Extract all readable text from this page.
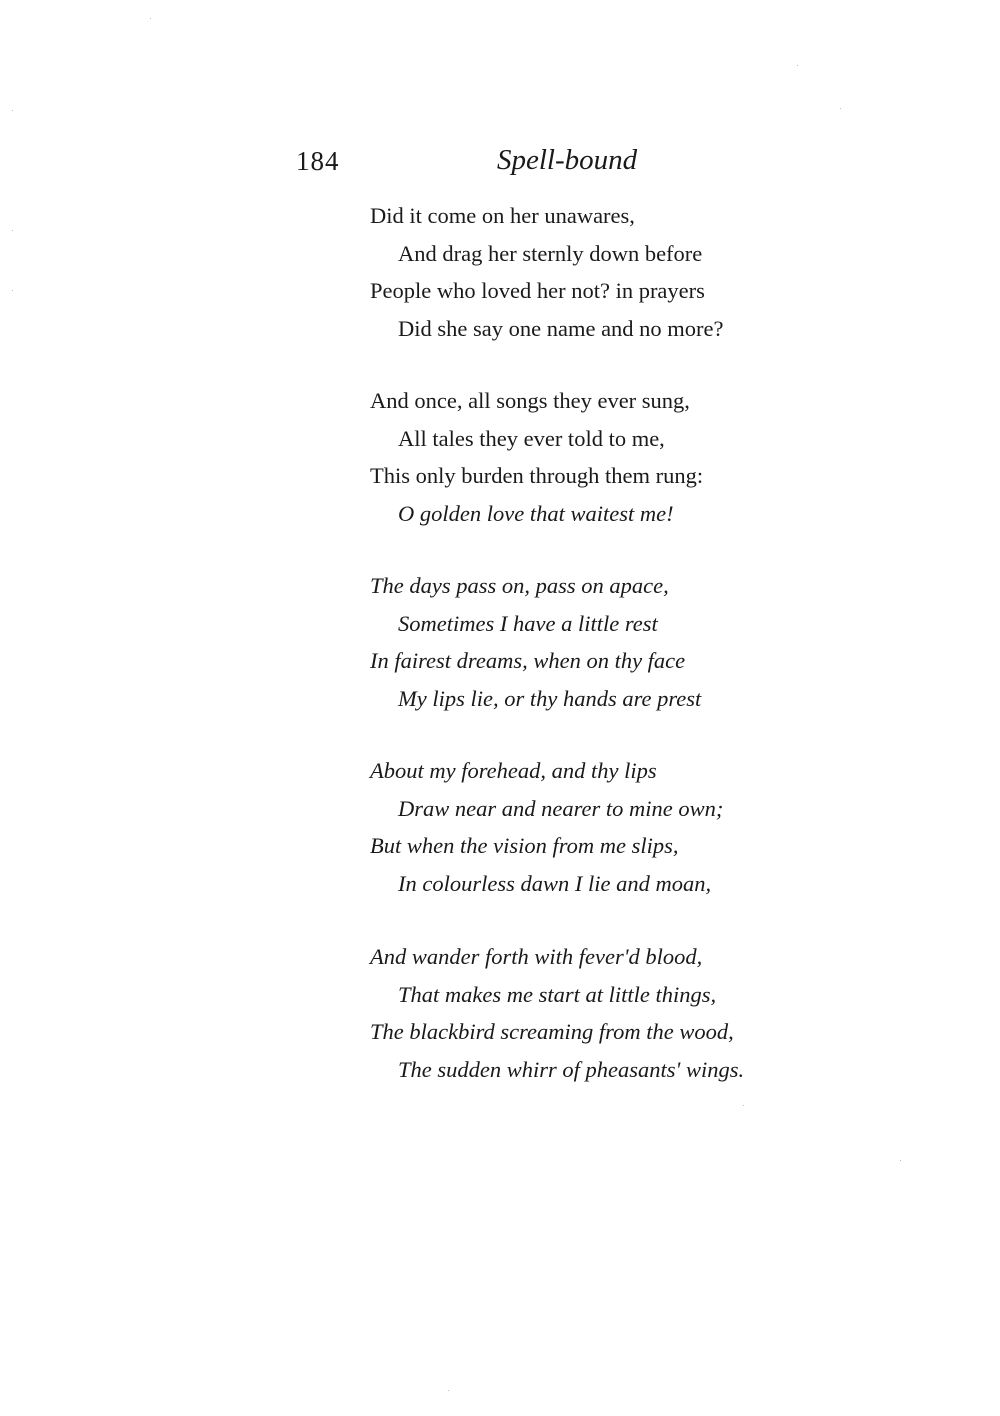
184	Spell-bound
Did it come on her unawares,
And drag her sternly down before
People who loved her not? in prayers
Did she say one name and no more?
And once, all songs they ever sung,
All tales they ever told to me,
This only burden through them rung:
O golden love that waitest me!
The days pass on, pass on apace,
Sometimes I have a little rest
In fairest dreams, when on thy face
My lips lie, or thy hands are prest
About my forehead, and thy lips
Draw near and nearer to mine own;
But when the vision from me slips,
In colourless dawn I lie and moan,
And wander forth with fever'd blood,
That makes me start at little things,
The blackbird screaming from the wood,
The sudden whirr of pheasants' wings.
